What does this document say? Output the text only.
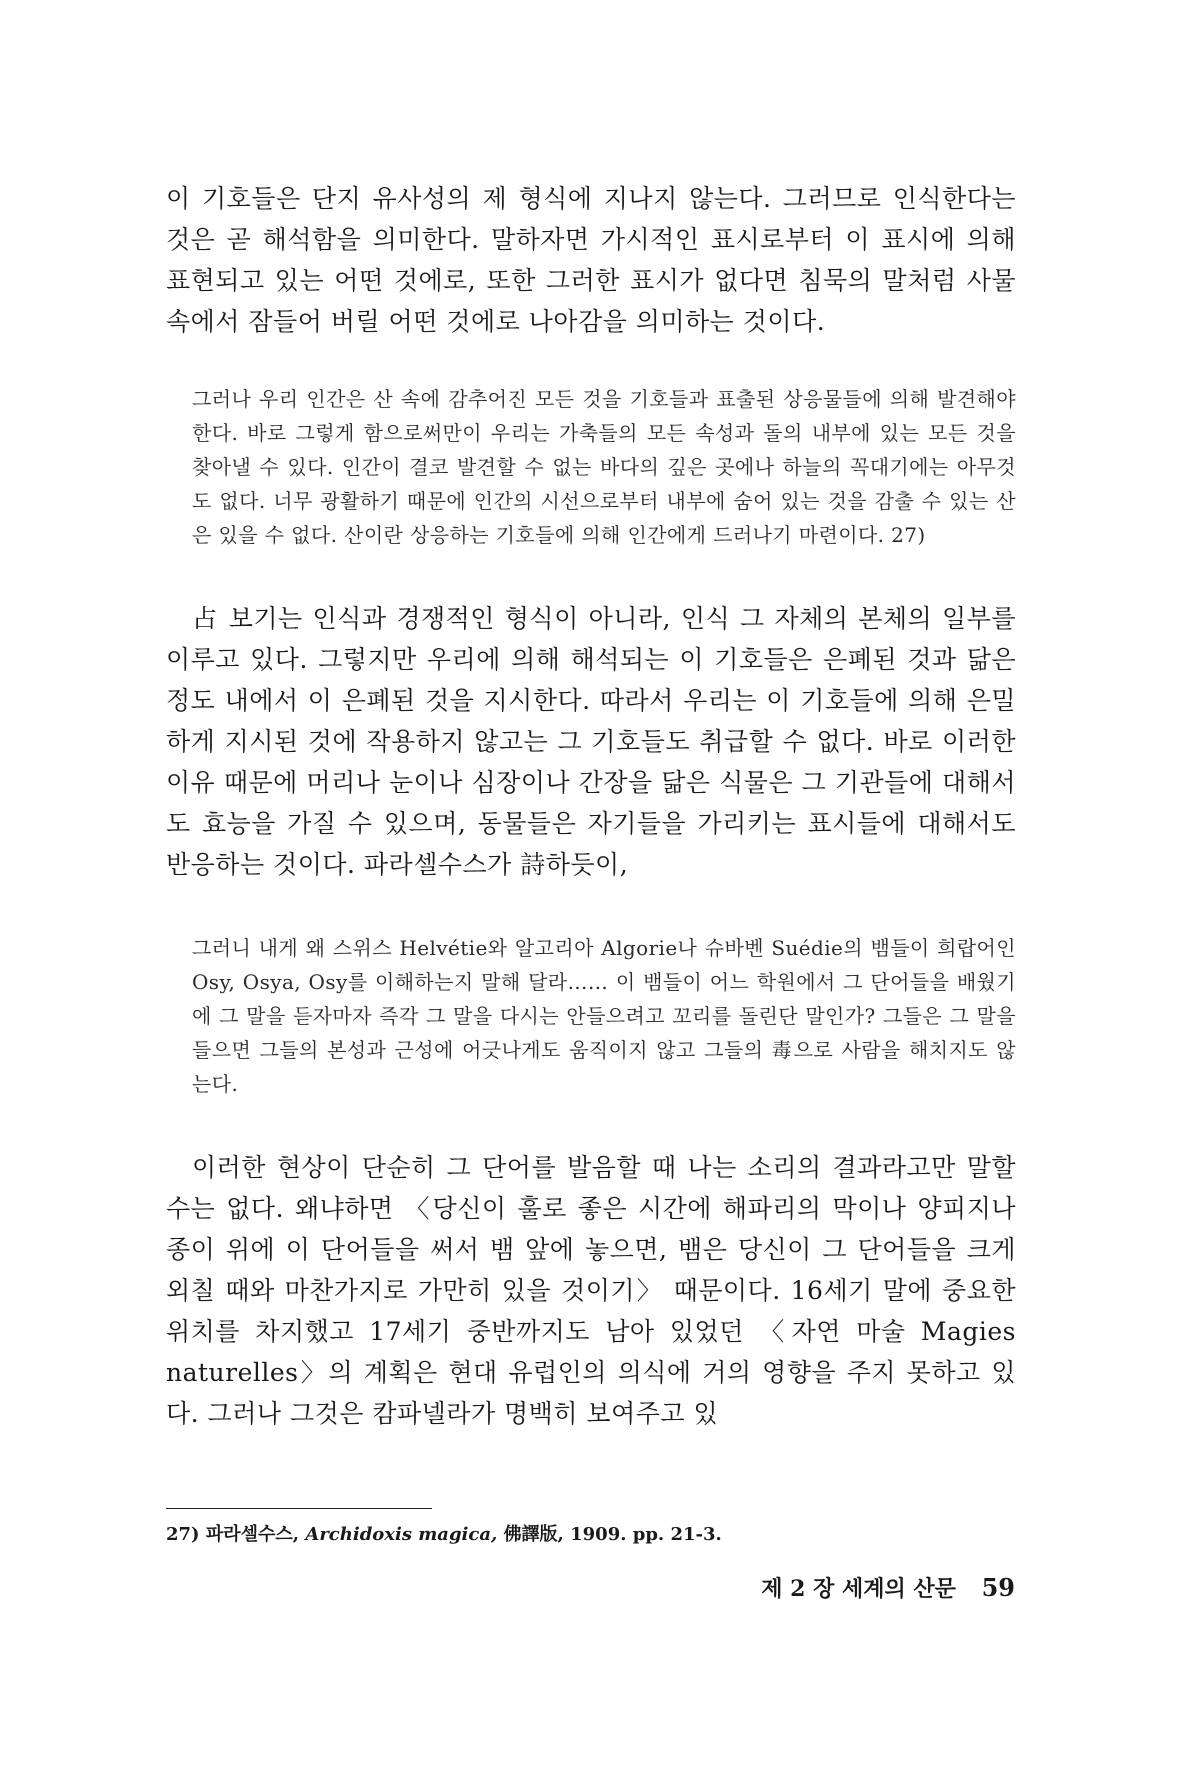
이 기호들은 단지 유사성의 제 형식에 지나지 않는다. 그러므로 인식한다는 것은 곧 해석함을 의미한다. 말하자면 가시적인 표시로부터 이 표시에 의해 표현되고 있는 어떤 것에로, 또한 그러한 표시가 없다면 침묵의 말처럼 사물 속에서 잠들어 버릴 어떤 것에로 나아감을 의미하는 것이다.

그러나 우리 인간은 산 속에 감추어진 모든 것을 기호들과 표출된 상응물들에 의해 발견해야 한다. 바로 그렇게 함으로써만이 우리는 가축들의 모든 속성과 돌의 내부에 있는 모든 것을 찾아낼 수 있다. 인간이 결코 발견할 수 없는 바다의 깊은 곳에나 하늘의 꼭대기에는 아무것도 없다. 너무 광활하기 때문에 인간의 시선으로부터 내부에 숨어 있는 것을 감출 수 있는 산은 있을 수 없다. 산이란 상응하는 기호들에 의해 인간에게 드러나기 마련이다. 27)

占 보기는 인식과 경쟁적인 형식이 아니라, 인식 그 자체의 본체의 일부를 이루고 있다. 그렇지만 우리에 의해 해석되는 이 기호들은 은폐된 것과 닮은 정도 내에서 이 은폐된 것을 지시한다. 따라서 우리는 이 기호들에 의해 은밀하게 지시된 것에 작용하지 않고는 그 기호들도 취급할 수 없다. 바로 이러한 이유 때문에 머리나 눈이나 심장이나 간장을 닮은 식물은 그 기관들에 대해서도 효능을 가질 수 있으며, 동물들은 자기들을 가리키는 표시들에 대해서도 반응하는 것이다. 파라셀수스가 詩하듯이,

그러니 내게 왜 스위스 Helvétie와 알고리아 Algorie나 슈바벤 Suédie의 뱀들이 희랍어인 Osy, Osya, Osy를 이해하는지 말해 달라…… 이 뱀들이 어느 학원에서 그 단어들을 배웠기에 그 말을 듣자마자 즉각 그 말을 다시는 안들으려고 꼬리를 돌린단 말인가? 그들은 그 말을 들으면 그들의 본성과 근성에 어긋나게도 움직이지 않고 그들의 毒으로 사람을 해치지도 않는다.

이러한 현상이 단순히 그 단어를 발음할 때 나는 소리의 결과라고만 말할 수는 없다. 왜냐하면 〈당신이 훌로 좋은 시간에 해파리의 막이나 양피지나 종이 위에 이 단어들을 써서 뱀 앞에 놓으면, 뱀은 당신이 그 단어들을 크게 외칠 때와 마찬가지로 가만히 있을 것이기〉 때문이다. 16세기 말에 중요한 위치를 차지했고 17세기 중반까지도 남아 있었던 〈자연 마술 Magies naturelles〉의 계획은 현대 유럽인의 의식에 거의 영향을 주지 못하고 있다. 그러나 그것은 캄파넬라가 명백히 보여주고 있

27) 파라셀수스, Archidoxis magica, 佛譯版, 1909. pp. 21-3.
제 2 장 세계의 산문 59
